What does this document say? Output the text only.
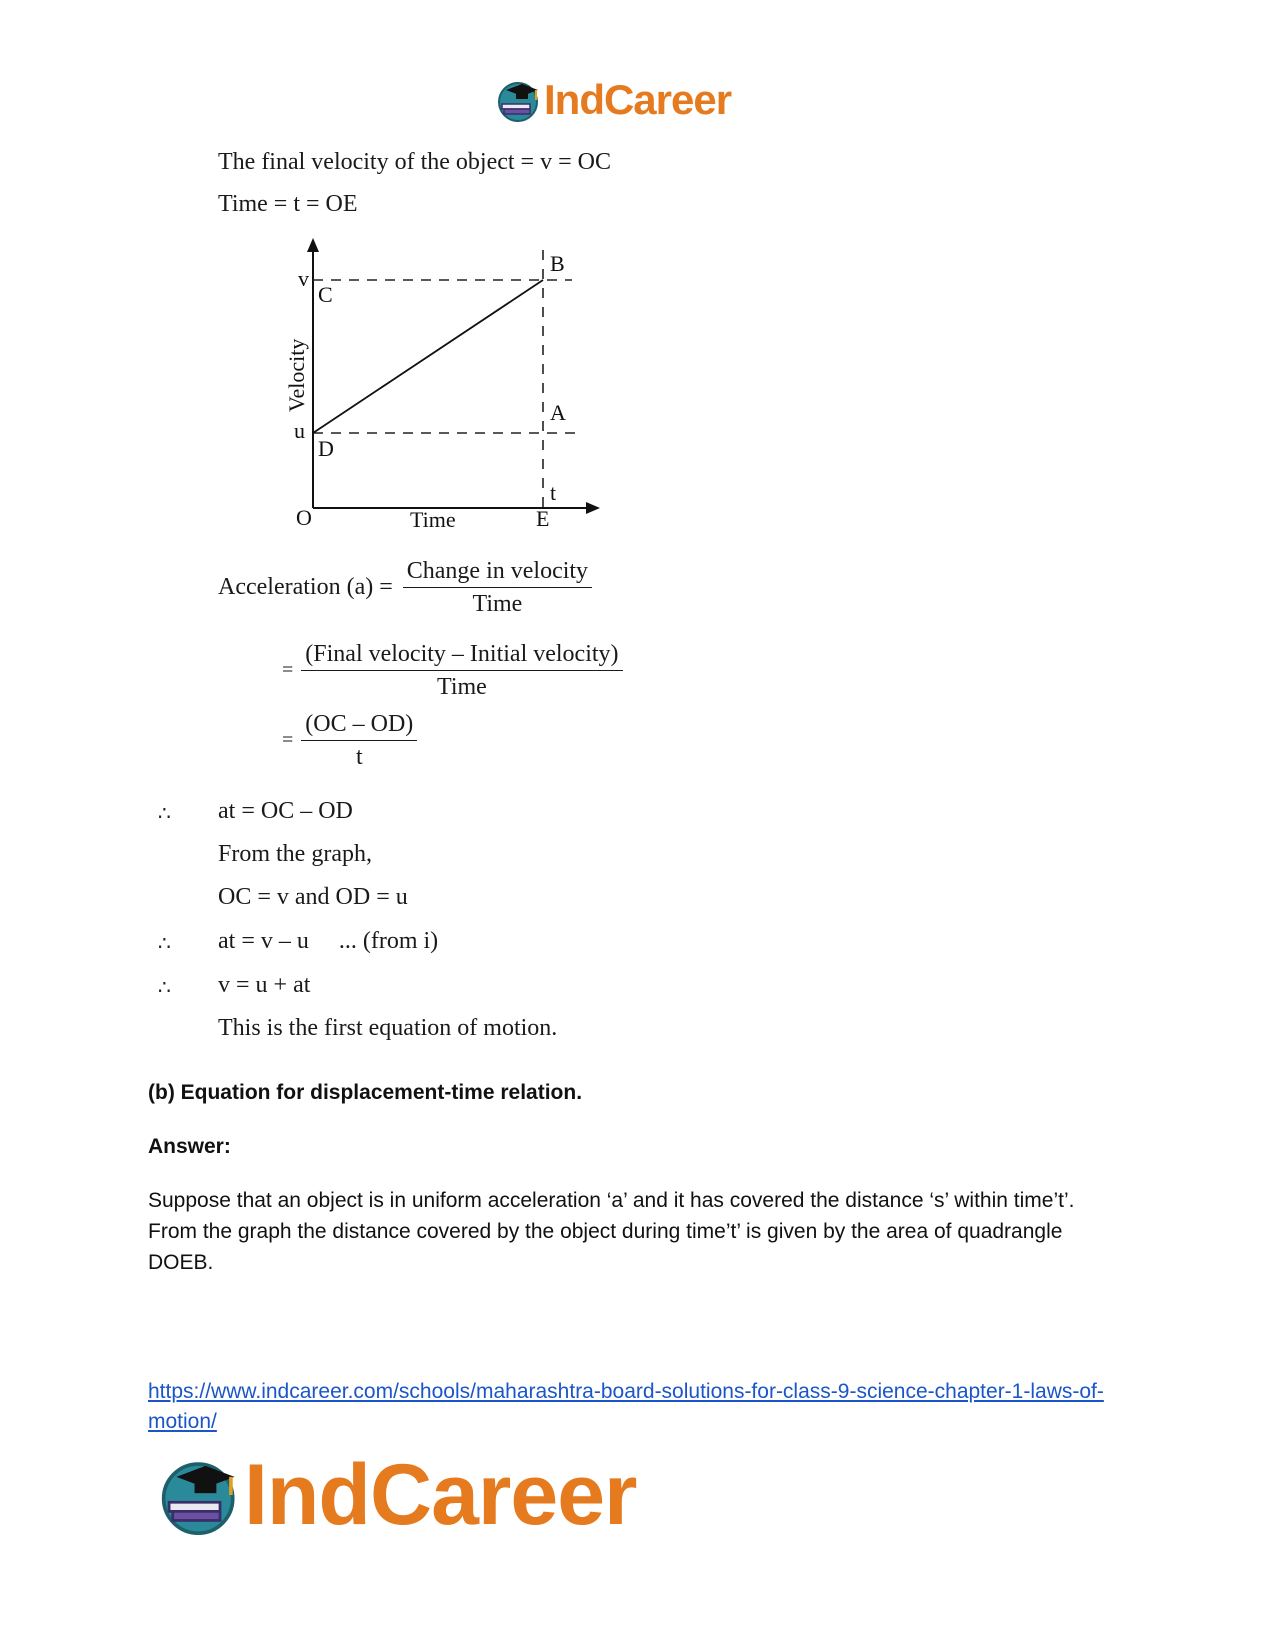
IndCareer
The final velocity of the object = v = OC
Time = t = OE
O
v
C
u
D
B
A
t
E
Time
Velocity
Acceleration $(a) = \frac{\text{Change in velocity}}{\text{Time}}$
= $\frac{\text{(Final velocity – Initial velocity)}}{\text{Time}}$
= $\frac{(OC - OD)}{t}$
∴ at = OC – OD
From the graph,
OC = v and OD = u
∴ at = v – u     ... (from i)
∴ v = u + at
This is the first equation of motion.
(b) Equation for displacement-time relation.
Answer:
Suppose that an object is in uniform acceleration ‘a’ and it has covered the distance ‘s’ within time’t’. From the graph the distance covered by the object during time’t’ is given by the area of quadrangle DOEB.
https://www.indcareer.com/schools/maharashtra-board-solutions-for-class-9-science-chapter-1-laws-of-motion/
IndCareer
